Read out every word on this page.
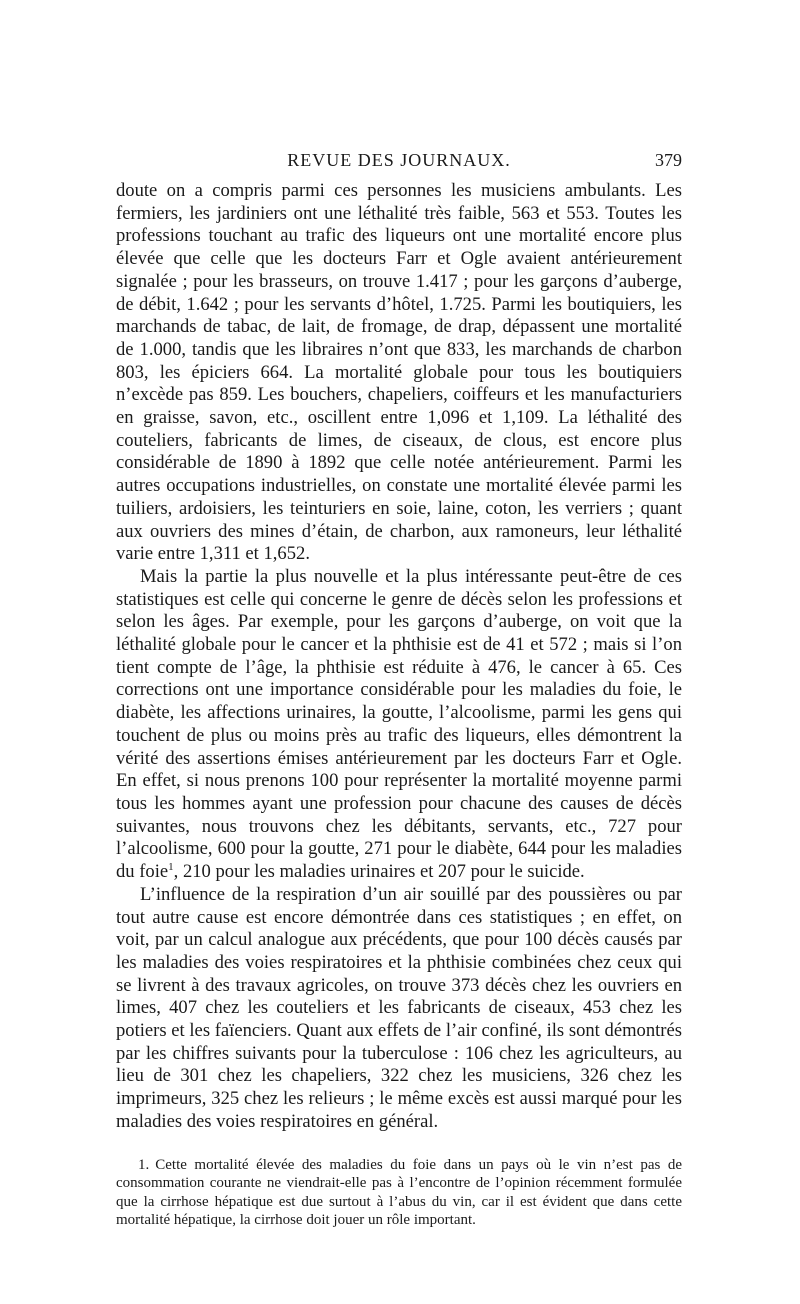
REVUE DES JOURNAUX.	379

doute on a compris parmi ces personnes les musiciens ambulants. Les fermiers, les jardiniers ont une léthalité très faible, 563 et 553. Toutes les professions touchant au trafic des liqueurs ont une mortalité encore plus élevée que celle que les docteurs Farr et Ogle avaient antérieurement signalée ; pour les brasseurs, on trouve 1.417 ; pour les garçons d’auberge, de débit, 1.642 ; pour les servants d’hôtel, 1.725. Parmi les boutiquiers, les marchands de tabac, de lait, de fromage, de drap, dépassent une mortalité de 1.000, tandis que les libraires n’ont que 833, les marchands de charbon 803, les épiciers 664. La mortalité globale pour tous les boutiquiers n’excède pas 859. Les bouchers, chapeliers, coiffeurs et les manufacturiers en graisse, savon, etc., oscillent entre 1,096 et 1,109. La léthalité des couteliers, fabricants de limes, de ciseaux, de clous, est encore plus considérable de 1890 à 1892 que celle notée antérieurement. Parmi les autres occupations industrielles, on constate une mortalité élevée parmi les tuiliers, ardoisiers, les teinturiers en soie, laine, coton, les verriers ; quant aux ouvriers des mines d’étain, de charbon, aux ramoneurs, leur léthalité varie entre 1,311 et 1,652.

Mais la partie la plus nouvelle et la plus intéressante peut-être de ces statistiques est celle qui concerne le genre de décès selon les professions et selon les âges. Par exemple, pour les garçons d’auberge, on voit que la léthalité globale pour le cancer et la phthisie est de 41 et 572 ; mais si l’on tient compte de l’âge, la phthisie est réduite à 476, le cancer à 65. Ces corrections ont une importance considérable pour les maladies du foie, le diabète, les affections urinaires, la goutte, l’alcoolisme, parmi les gens qui touchent de plus ou moins près au trafic des liqueurs, elles démontrent la vérité des assertions émises antérieurement par les docteurs Farr et Ogle. En effet, si nous prenons 100 pour représenter la mortalité moyenne parmi tous les hommes ayant une profession pour chacune des causes de décès suivantes, nous trouvons chez les débitants, servants, etc., 727 pour l’alcoolisme, 600 pour la goutte, 271 pour le diabète, 644 pour les maladies du foie$^1$, 210 pour les maladies urinaires et 207 pour le suicide.

L’influence de la respiration d’un air souillé par des poussières ou par tout autre cause est encore démontrée dans ces statistiques ; en effet, on voit, par un calcul analogue aux précédents, que pour 100 décès causés par les maladies des voies respiratoires et la phthisie combinées chez ceux qui se livrent à des travaux agricoles, on trouve 373 décès chez les ouvriers en limes, 407 chez les couteliers et les fabricants de ciseaux, 453 chez les potiers et les faïenciers. Quant aux effets de l’air confiné, ils sont démontrés par les chiffres suivants pour la tuberculose : 106 chez les agriculteurs, au lieu de 301 chez les chapeliers, 322 chez les musiciens, 326 chez les imprimeurs, 325 chez les relieurs ; le même excès est aussi marqué pour les maladies des voies respiratoires en général.

1. Cette mortalité élevée des maladies du foie dans un pays où le vin n’est pas de consommation courante ne viendrait-elle pas à l’encontre de l’opinion récemment formulée que la cirrhose hépatique est due surtout à l’abus du vin, car il est évident que dans cette mortalité hépatique, la cirrhose doit jouer un rôle important.
